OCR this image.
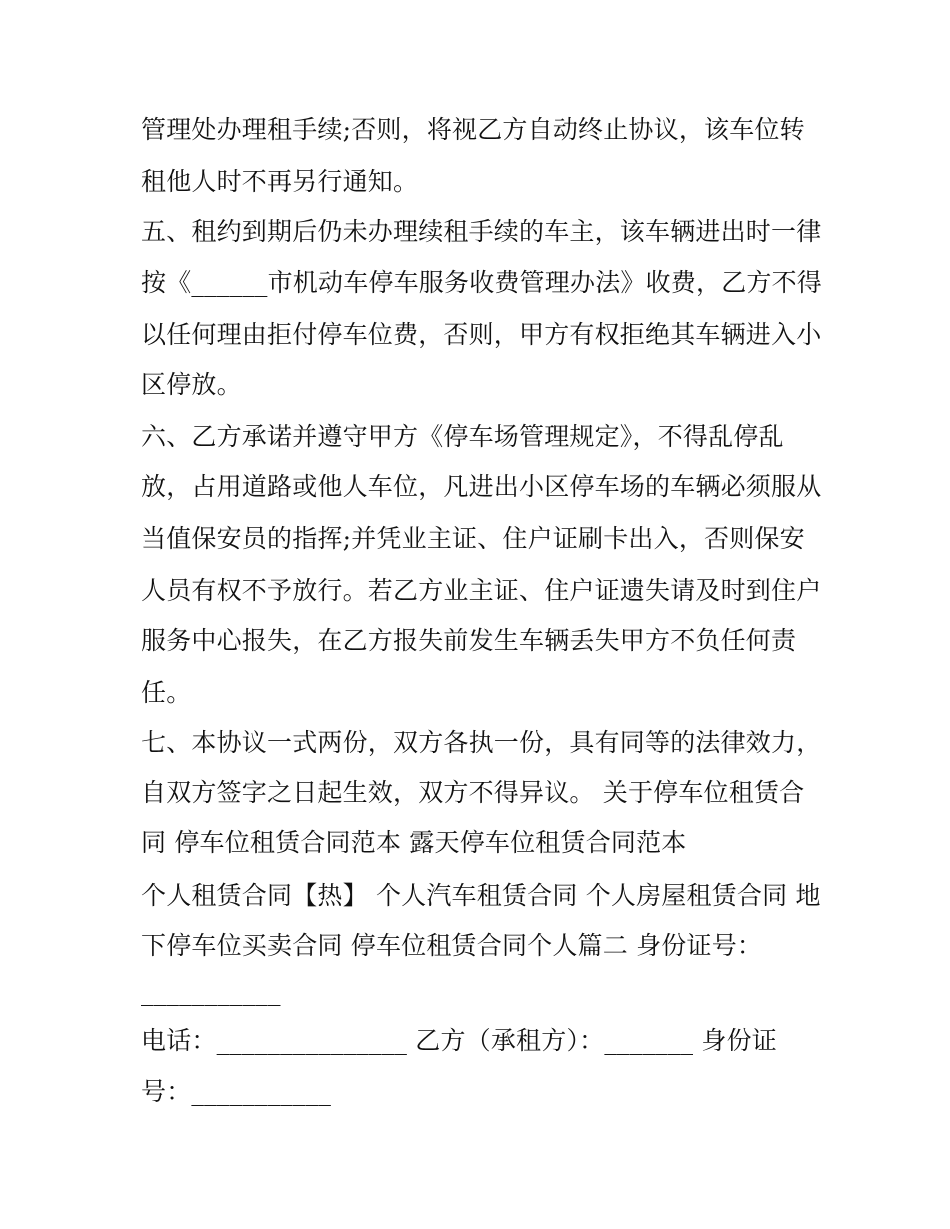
管理处办理租手续;否则，将视乙方自动终止协议，该车位转
租他人时不再另行通知。
五、租约到期后仍未办理续租手续的车主，该车辆进出时一律
按《______市机动车停车服务收费管理办法》收费，乙方不得
以任何理由拒付停车位费，否则，甲方有权拒绝其车辆进入小
区停放。
六、乙方承诺并遵守甲方《停车场管理规定》，不得乱停乱
放，占用道路或他人车位，凡进出小区停车场的车辆必须服从
当值保安员的指挥;并凭业主证、住户证刷卡出入，否则保安
人员有权不予放行。若乙方业主证、住户证遗失请及时到住户
服务中心报失，在乙方报失前发生车辆丢失甲方不负任何责
任。
七、本协议一式两份，双方各执一份，具有同等的法律效力，
自双方签字之日起生效，双方不得异议。 关于停车位租赁合
同 停车位租赁合同范本 露天停车位租赁合同范本
个人租赁合同【热】 个人汽车租赁合同 个人房屋租赁合同 地
下停车位买卖合同 停车位租赁合同个人篇二 身份证号：
___________
电话：_______________ 乙方（承租方）：_______ 身份证
号：___________
